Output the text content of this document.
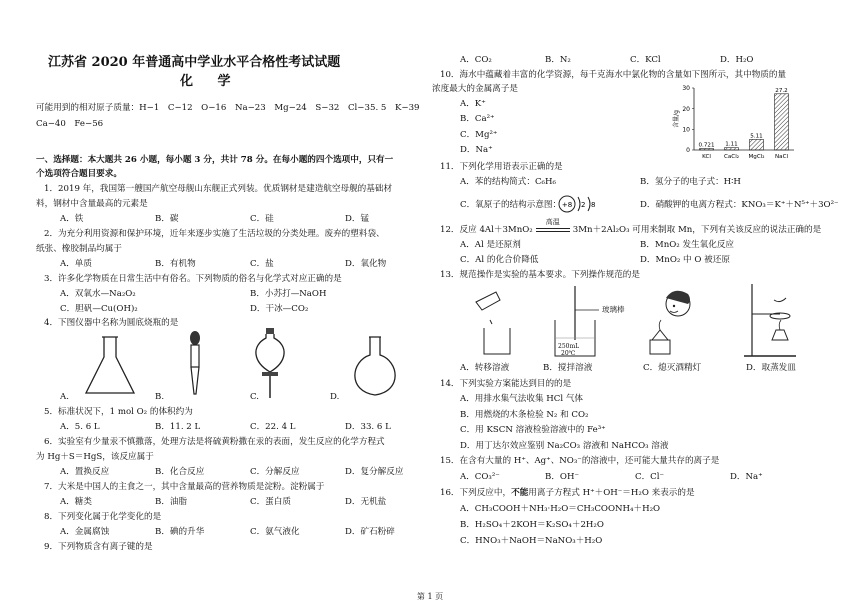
江苏省 2020 年普通高中学业水平合格性考试试题
化 学
可能用到的相对原子质量：H−1　C−12　O−16　Na−23　Mg−24　S−32　Cl−35. 5　K−39
Ca−40　Fe−56
一、选择题：本大题共 26 小题，每小题 3 分，共计 78 分。在每小题的四个选项中，只有一
个选项符合题目要求。
1．2019 年，我国第一艘国产航空母舰山东舰正式列装。优质钢材是建造航空母舰的基础材
料，钢材中含量最高的元素是
A．铁	B．碳	C．硅	D．锰
2．为充分利用资源和保护环境，近年来逐步实施了生活垃圾的分类处理。废弃的塑料袋、
纸张、橡胶制品均属于
A．单质	B．有机物	C．盐	D．氧化物
3．许多化学物质在日常生活中有俗名。下列物质的俗名与化学式对应正确的是
A．双氧水—Na₂O₂	B．小苏打—NaOH
C．胆矾—Cu(OH)₂	D．干冰—CO₂
4．下图仪器中名称为圆底烧瓶的是
A.	B.	C.	D.
5．标准状况下，1 mol O₂ 的体积约为
A．5. 6 L	B．11. 2 L	C．22. 4 L	D．33. 6 L
6．实验室有少量汞不慎撒落，处理方法是将硫黄粉撒在汞的表面，发生反应的化学方程式
为 Hg＋S＝HgS，该反应属于
A．置换反应	B．化合反应	C．分解反应	D．复分解反应
7．大米是中国人的主食之一，其中含量最高的营养物质是淀粉。淀粉属于
A．糖类	B．油脂	C．蛋白质	D．无机盐
8．下列变化属于化学变化的是
A．金属腐蚀	B．碘的升华	C．氨气液化	D．矿石粉碎
9．下列物质含有离子键的是
A．CO₂	B．N₂	C．KCl	D．H₂O
10．海水中蕴藏着丰富的化学资源，每千克海水中氯化物的含量如下图所示，其中物质的量
浓度最大的金属离子是
A．K⁺
B．Ca²⁺
C．Mg²⁺
D．Na⁺	0
10
20
30
含量/g
0.721
KCl
1.11
CaCl₂
5.11
MgCl₂
27.2
NaCl
11．下列化学用语表示正确的是
A．苯的结构简式：C₆H₆	B．氢分子的电子式：H∶H
C．氧原子的结构示意图： +8 2 8	D．硝酸钾的电离方程式：KNO₃＝K⁺＋N⁵⁺＋3O²⁻
12．反应 4Al＋3MnO₂
高温
3Mn＋2Al₂O₃ 可用来制取 Mn，下列有关该反应的说法正确的是
A．Al 是还原剂	B．MnO₂ 发生氧化反应
C．Al 的化合价降低	D．MnO₂ 中 O 被还原
13．规范操作是实验的基本要求。下列操作规范的是
玻璃棒
250mL
20℃
A．转移溶液	B．搅拌溶液	C．熄灭酒精灯	D．取蒸发皿
14．下列实验方案能达到目的的是
A．用排水集气法收集 HCl 气体
B．用燃烧的木条检验 N₂ 和 CO₂
C．用 KSCN 溶液检验溶液中的 Fe³⁺
D．用丁达尔效应鉴别 Na₂CO₃ 溶液和 NaHCO₃ 溶液
15．在含有大量的 H⁺、Ag⁺、NO₃⁻的溶液中，还可能大量共存的离子是
A．CO₃²⁻	B．OH⁻	C．Cl⁻	D．Na⁺
16．下列反应中，不能用离子方程式 H⁺＋OH⁻＝H₂O 来表示的是
A．CH₃COOH＋NH₃·H₂O＝CH₃COONH₄＋H₂O
B．H₂SO₄＋2KOH＝K₂SO₄＋2H₂O
C．HNO₃＋NaOH＝NaNO₃＋H₂O
第 1 页
